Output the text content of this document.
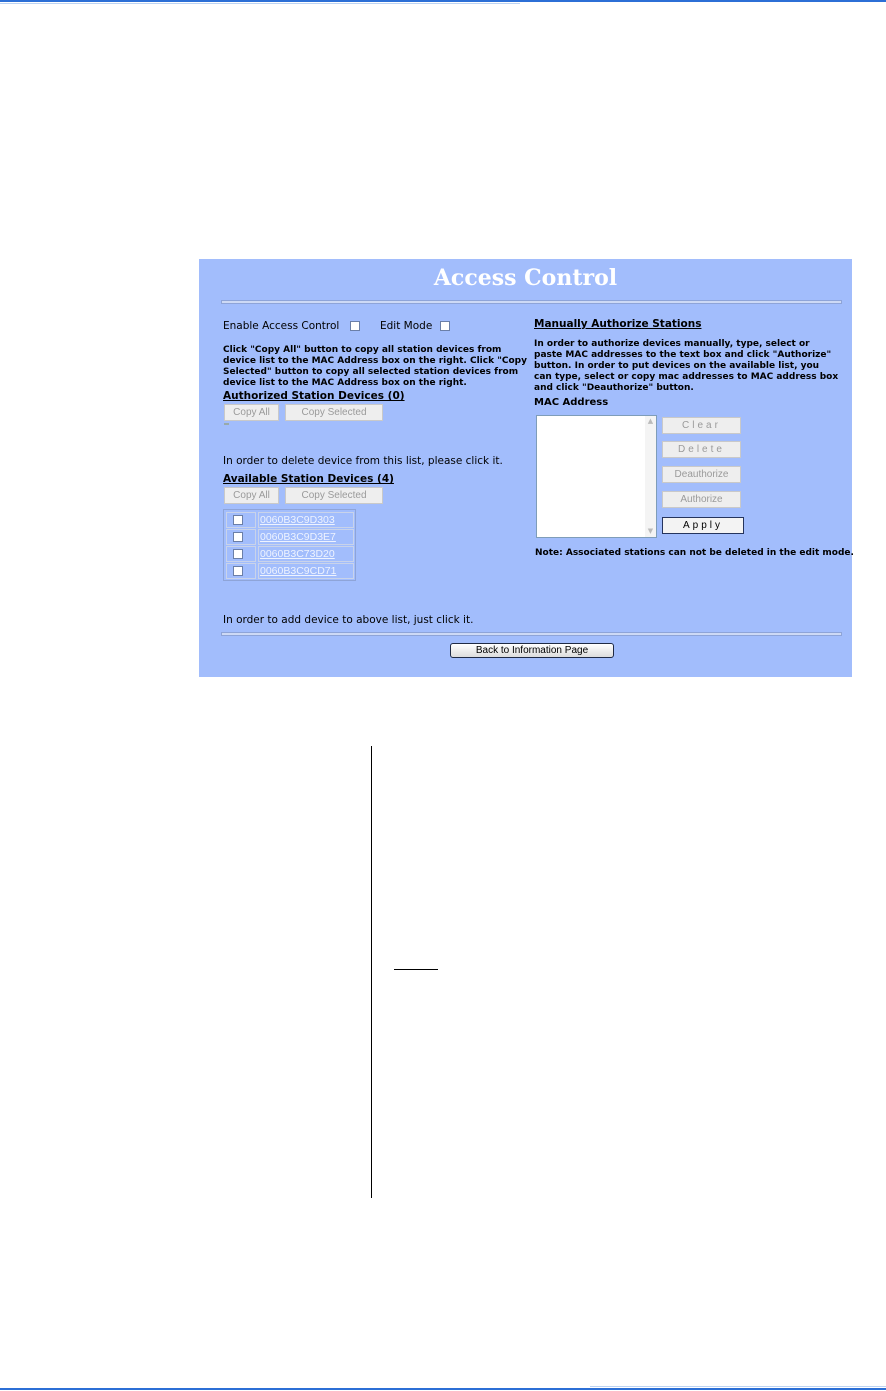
Access Control
Enable Access Control	Edit Mode
Click "Copy All" button to copy all station devices from device list to the MAC Address box on the right. Click "Copy Selected" button to copy all selected station devices from device list to the MAC Address box on the right.
Authorized Station Devices (0)
Copy All	Copy Selected
In order to delete device from this list, please click it.
Available Station Devices (4)
Copy All	Copy Selected
0060B3C9D303
0060B3C9D3E7
0060B3C73D20
0060B3C9CD71
In order to add device to above list, just click it.
Manually Authorize Stations
In order to authorize devices manually, type, select or paste MAC addresses to the text box and click "Authorize" button. In order to put devices on the available list, you can type, select or copy mac addresses to MAC address box and click "Deauthorize" button.
MAC Address
▲
▼
Clear
Delete
Deauthorize
Authorize
Apply
Note: Associated stations can not be deleted in the edit mode.
Back to Information Page
